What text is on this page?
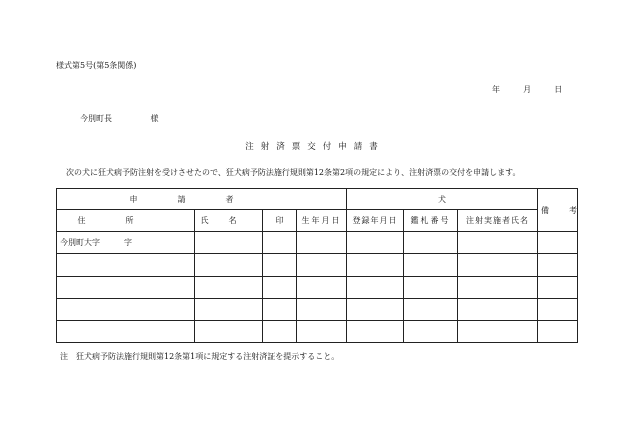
様式第5号(第5条関係)
年	月	日
今別町長	様
注射済票交付申請書
次の犬に狂犬病予防注射を受けさせたので、狂犬病予防法施行規則第12条第2項の規定により、注射済票の交付を申請します。
申請者				犬			備考
住所	氏名	印	生年月日	登録年月日	鑑札番号	注射実施者氏名	
今別町大字　　　字							

注　狂犬病予防法施行規則第12条第1項に規定する注射済証を提示すること。
